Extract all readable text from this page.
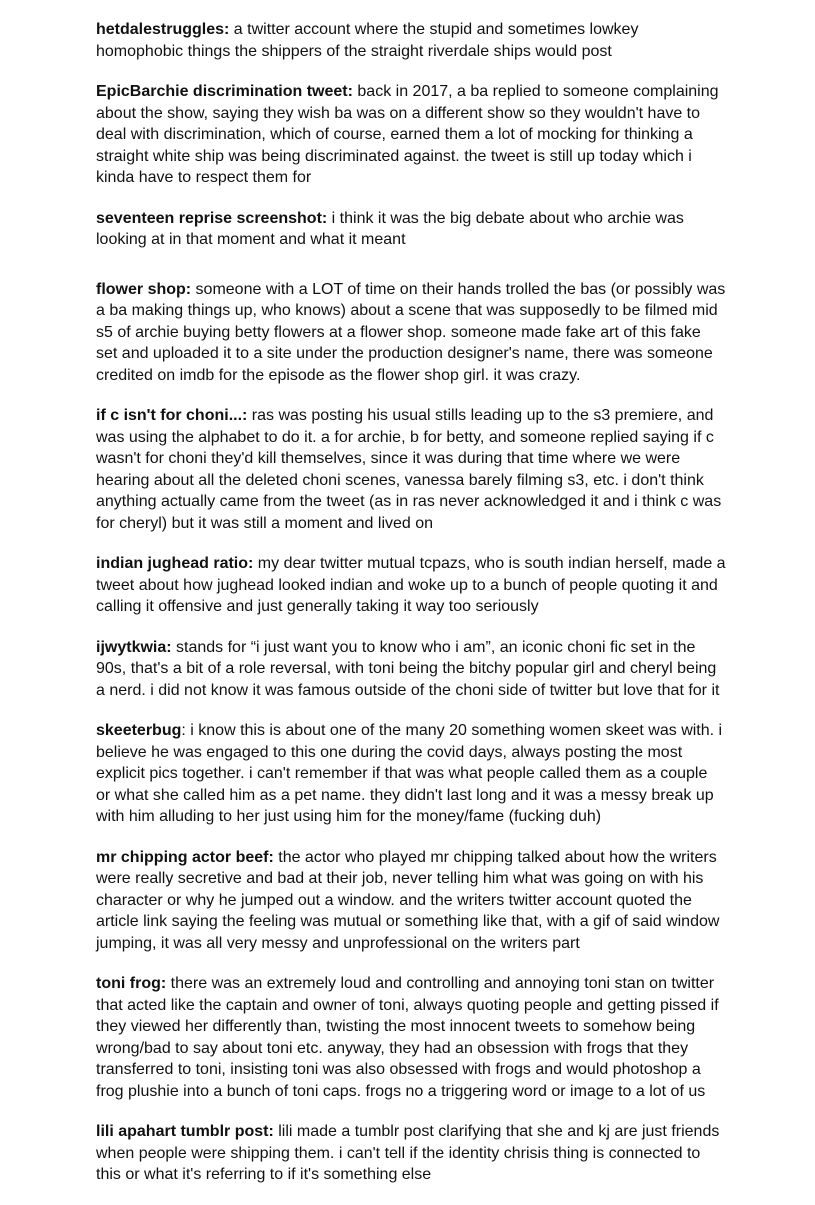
hetdalestruggles: a twitter account where the stupid and sometimes lowkey homophobic things the shippers of the straight riverdale ships would post

EpicBarchie discrimination tweet: back in 2017, a ba replied to someone complaining about the show, saying they wish ba was on a different show so they wouldn't have to deal with discrimination, which of course, earned them a lot of mocking for thinking a straight white ship was being discriminated against. the tweet is still up today which i kinda have to respect them for

seventeen reprise screenshot: i think it was the big debate about who archie was looking at in that moment and what it meant

flower shop: someone with a LOT of time on their hands trolled the bas (or possibly was a ba making things up, who knows) about a scene that was supposedly to be filmed mid s5 of archie buying betty flowers at a flower shop. someone made fake art of this fake set and uploaded it to a site under the production designer's name, there was someone credited on imdb for the episode as the flower shop girl. it was crazy.

if c isn't for choni...: ras was posting his usual stills leading up to the s3 premiere, and was using the alphabet to do it. a for archie, b for betty, and someone replied saying if c wasn't for choni they'd kill themselves, since it was during that time where we were hearing about all the deleted choni scenes, vanessa barely filming s3, etc. i don't think anything actually came from the tweet (as in ras never acknowledged it and i think c was for cheryl) but it was still a moment and lived on

indian jughead ratio: my dear twitter mutual tcpazs, who is south indian herself, made a tweet about how jughead looked indian and woke up to a bunch of people quoting it and calling it offensive and just generally taking it way too seriously

ijwytkwia: stands for “i just want you to know who i am”, an iconic choni fic set in the 90s, that's a bit of a role reversal, with toni being the bitchy popular girl and cheryl being a nerd. i did not know it was famous outside of the choni side of twitter but love that for it

skeeterbug: i know this is about one of the many 20 something women skeet was with. i believe he was engaged to this one during the covid days, always posting the most explicit pics together. i can't remember if that was what people called them as a couple or what she called him as a pet name. they didn't last long and it was a messy break up with him alluding to her just using him for the money/fame (fucking duh)

mr chipping actor beef: the actor who played mr chipping talked about how the writers were really secretive and bad at their job, never telling him what was going on with his character or why he jumped out a window. and the writers twitter account quoted the article link saying the feeling was mutual or something like that, with a gif of said window jumping, it was all very messy and unprofessional on the writers part

toni frog: there was an extremely loud and controlling and annoying toni stan on twitter that acted like the captain and owner of toni, always quoting people and getting pissed if they viewed her differently than, twisting the most innocent tweets to somehow being wrong/bad to say about toni etc. anyway, they had an obsession with frogs that they transferred to toni, insisting toni was also obsessed with frogs and would photoshop a frog plushie into a bunch of toni caps. frogs no a triggering word or image to a lot of us

lili apahart tumblr post: lili made a tumblr post clarifying that she and kj are just friends when people were shipping them. i can't tell if the identity chrisis thing is connected to this or what it's referring to if it's something else
